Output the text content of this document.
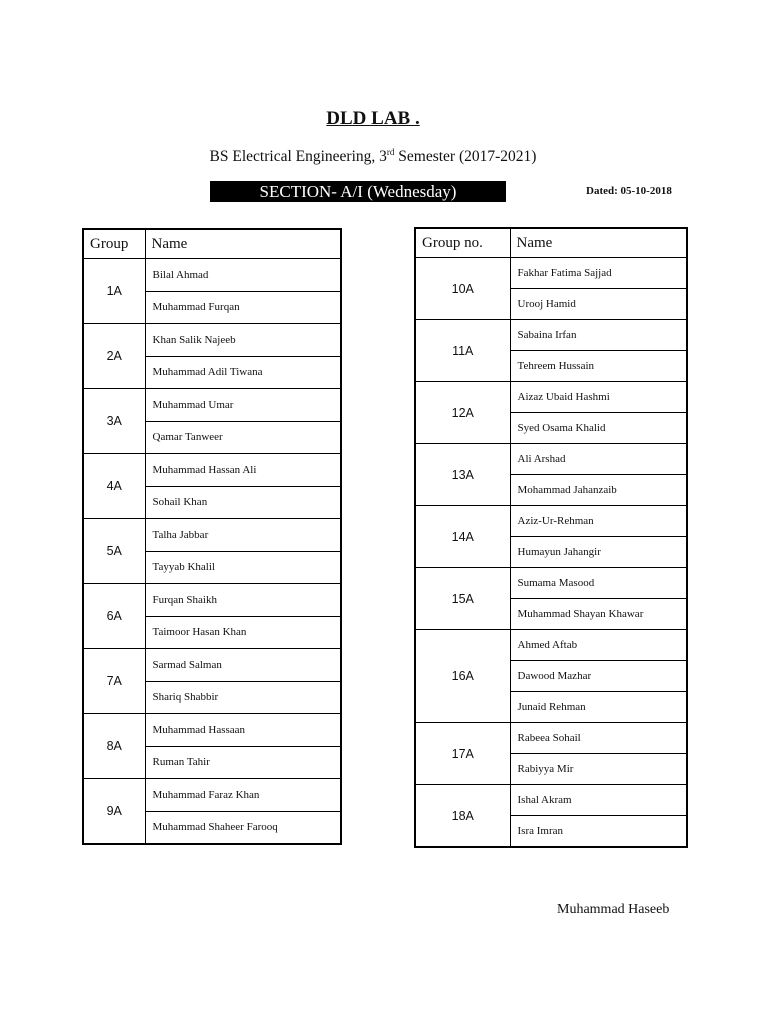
DLD LAB .
BS Electrical Engineering, 3rd Semester (2017-2021)
SECTION- A/I (Wednesday)	Dated: 05-10-2018
Group	Name
1A	Bilal Ahmad
	Muhammad Furqan
2A	Khan Salik Najeeb
	Muhammad Adil Tiwana
3A	Muhammad Umar
	Qamar Tanweer
4A	Muhammad Hassan Ali
	Sohail Khan
5A	Talha Jabbar
	Tayyab Khalil
6A	Furqan Shaikh
	Taimoor Hasan Khan
7A	Sarmad Salman
	Shariq Shabbir
8A	Muhammad Hassaan
	Ruman Tahir
9A	Muhammad Faraz Khan
	Muhammad Shaheer Farooq
Group no.	Name
10A	Fakhar Fatima Sajjad
	Urooj Hamid
11A	Sabaina Irfan
	Tehreem Hussain
12A	Aizaz Ubaid Hashmi
	Syed Osama Khalid
13A	Ali Arshad
	Mohammad Jahanzaib
14A	Aziz-Ur-Rehman
	Humayun Jahangir
15A	Sumama Masood
	Muhammad Shayan Khawar
16A	Ahmed Aftab
	Dawood Mazhar
	Junaid Rehman
17A	Rabeea Sohail
	Rabiyya Mir
18A	Ishal Akram
	Isra Imran
Muhammad Haseeb
